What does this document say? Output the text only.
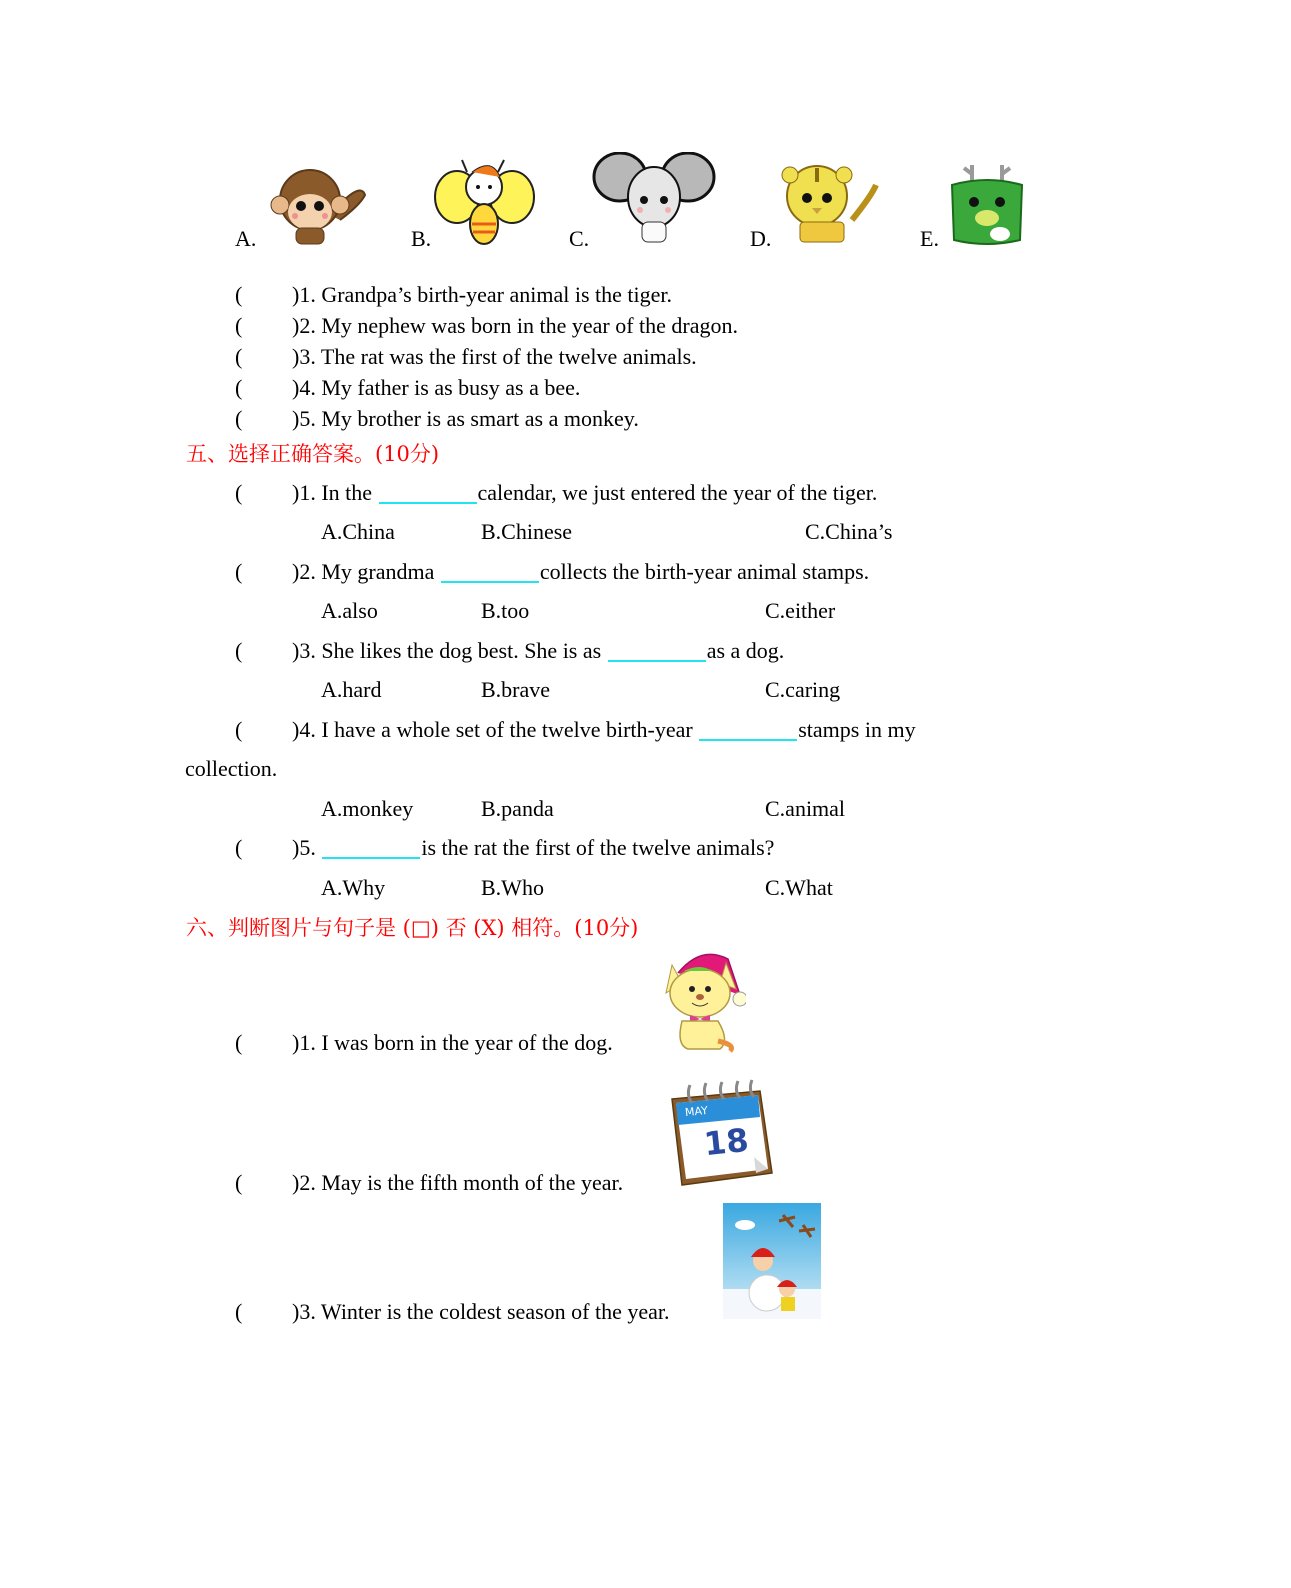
A.	B.	C.	D.	E.
( )1. Grandpa’s birth-year animal is the tiger.
( )2. My nephew was born in the year of the dragon.
( )3. The rat was the first of the twelve animals.
( )4. My father is as busy as a bee.
( )5. My brother is as smart as a monkey.
五、选择正确答案。(10分)
( )1. In the	calendar, we just entered the year of the tiger.
A.China	B.Chinese	C.China’s
( )2. My grandma	collects the birth-year animal stamps.
A.also	B.too	C.either
( )3. She likes the dog best. She is as	as a dog.
A.hard	B.brave	C.caring
( )4. I have a whole set of the twelve birth-year	stamps in my
collection.
A.monkey	B.panda	C.animal
( )5.	is the rat the first of the twelve animals?
A.Why	B.Who	C.What
六、判断图片与句子是 (□) 否 (X) 相符。(10分)
( )1. I was born in the year of the dog.
( )2. May is the fifth month of the year.
MAY
18
( )3. Winter is the coldest season of the year.
